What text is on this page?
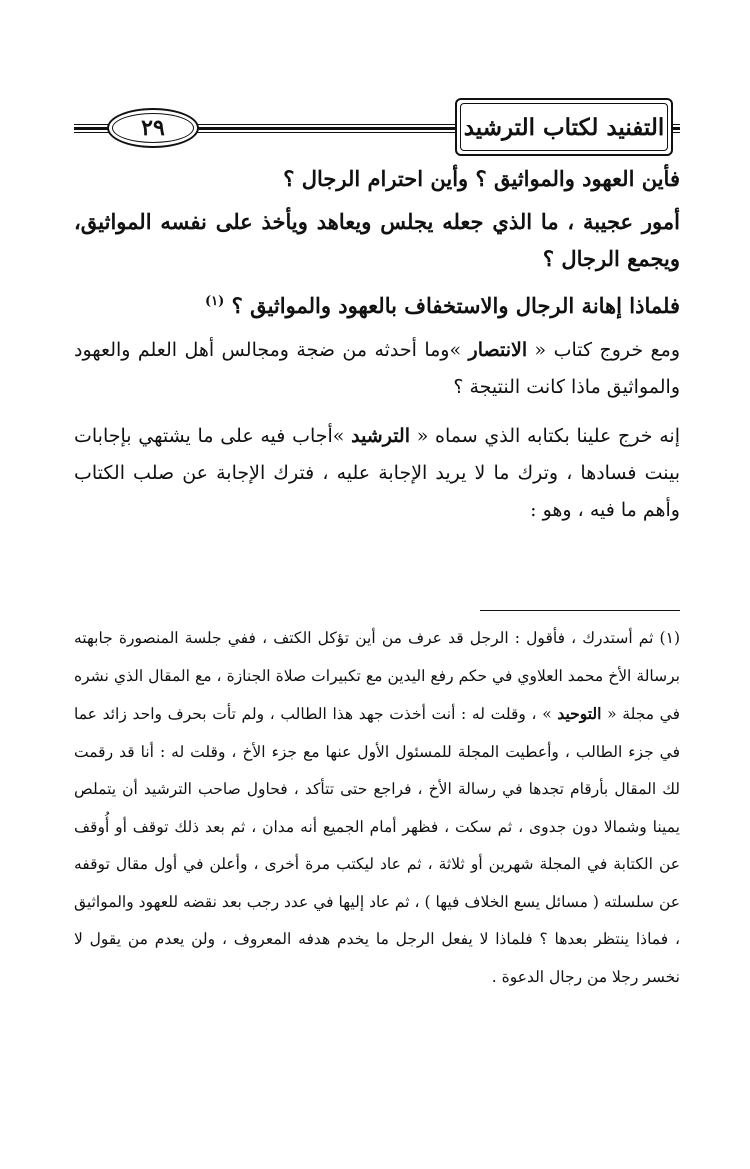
التفنيد لكتاب الترشيد
٢٩

فأين العهود والمواثيق ؟ وأين احترام الرجال ؟

أمور عجيبة ، ما الذي جعله يجلس ويعاهد ويأخذ على نفسه المواثيق، ويجمع الرجال ؟

فلماذا إهانة الرجال والاستخفاف بالعهود والمواثيق ؟ $^{(١)}$

ومع خروج كتاب « الانتصار »وما أحدثه من ضجة ومجالس أهل العلم والعهود والمواثيق ماذا كانت النتيجة ؟

إنه خرج علينا بكتابه الذي سماه « الترشيد »أجاب فيه على ما يشتهي بإجابات بينت فسادها ، وترك ما لا يريد الإجابة عليه ، فترك الإجابة عن صلب الكتاب وأهم ما فيه ، وهو :

(١) ثم أستدرك ، فأقول : الرجل قد عرف من أين تؤكل الكتف ، ففي جلسة المنصورة جابهته برسالة الأخ محمد العلاوي في حكم رفع اليدين مع تكبيرات صلاة الجنازة ، مع المقال الذي نشره في مجلة « التوحيد » ، وقلت له : أنت أخذت جهد هذا الطالب ، ولم تأت بحرف واحد زائد عما في جزء الطالب ، وأعطيت المجلة للمسئول الأول عنها مع جزء الأخ ، وقلت له : أنا قد رقمت لك المقال بأرقام تجدها في رسالة الأخ ، فراجع حتى تتأكد ، فحاول صاحب الترشيد أن يتملص يمينا وشمالا دون جدوى ، ثم سكت ، فظهر أمام الجميع أنه مدان ، ثم بعد ذلك توقف أو أُوقف عن الكتابة في المجلة شهرين أو ثلاثة ، ثم عاد ليكتب مرة أخرى ، وأعلن في أول مقال توقفه عن سلسلته ( مسائل يسع الخلاف فيها ) ، ثم عاد إليها في عدد رجب بعد نقضه للعهود والمواثيق ، فماذا ينتظر بعدها ؟ فلماذا لا يفعل الرجل ما يخدم هدفه المعروف ، ولن يعدم من يقول لا نخسر رجلا من رجال الدعوة .
